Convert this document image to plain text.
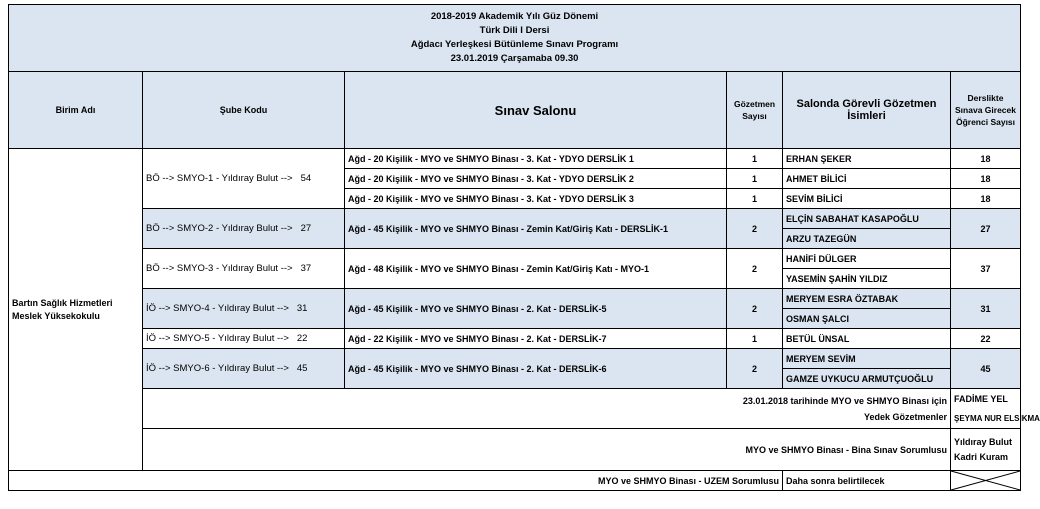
2018-2019 Akademik Yılı Güz Dönemi
Türk Dili I Dersi
Ağdacı Yerleşkesi Bütünleme Sınavı Programı
23.01.2019 Çarşamaba 09.30						

Birim Adı	Şube Kodu	Sınav Salonu	Gözetmen Sayısı	Salonda Görevli Gözetmen İsimleri	Derslikte Sınava Girecek Öğrenci Sayısı	
Bartın Sağlık Hizmetleri Meslek Yüksekokulu	BÖ --> SMYO-1 - Yıldıray Bulut --> 54	Ağd - 20 Kişilik - MYO ve SHMYO Binası - 3. Kat - YDYO DERSLİK 1	1	ERHAN ŞEKER	18	
		Ağd - 20 Kişilik - MYO ve SHMYO Binası - 3. Kat - YDYO DERSLİK 2	1	AHMET BİLİCİ	18	
		Ağd - 20 Kişilik - MYO ve SHMYO Binası - 3. Kat - YDYO DERSLİK 3	1	SEVİM BİLİCİ	18	
	BÖ --> SMYO-2 - Yıldıray Bulut --> 27	Ağd - 45 Kişilik - MYO ve SHMYO Binası - Zemin Kat/Giriş Katı - DERSLİK-1	2	ELÇİN SABAHAT KASAPOĞLU	27	
				ARZU TAZEGÜN		
	BÖ --> SMYO-3 - Yıldıray Bulut --> 37	Ağd - 48 Kişilik - MYO ve SHMYO Binası - Zemin Kat/Giriş Katı - MYO-1	2	HANİFİ DÜLGER	37	
				YASEMİN ŞAHİN YILDIZ		
	İÖ --> SMYO-4 - Yıldıray Bulut --> 31	Ağd - 45 Kişilik - MYO ve SHMYO Binası - 2. Kat - DERSLİK-5	2	MERYEM ESRA ÖZTABAK	31	
				OSMAN ŞALCI		
	İÖ --> SMYO-5 - Yıldıray Bulut --> 22	Ağd - 22 Kişilik - MYO ve SHMYO Binası - 2. Kat - DERSLİK-7	1	BETÜL ÜNSAL	22	
	İÖ --> SMYO-6 - Yıldıray Bulut --> 45	Ağd - 45 Kişilik - MYO ve SHMYO Binası - 2. Kat - DERSLİK-6	2	MERYEM SEVİM	45	
				GAMZE UYKUCU ARMUTÇUOĞLU		

	23.01.2018 tarihinde MYO ve SHMYO Binası için
Yedek Gözetmenler				FADİME YEL	

					ŞEYMA NUR ELSIKMA	

	MYO ve SHMYO Binası - Bina Sınav Sorumlusu				Yıldıray Bulut
Kadri Kuram

MYO ve SHMYO Binası - UZEM Sorumlusu				Daha sonra belirtilecek	
